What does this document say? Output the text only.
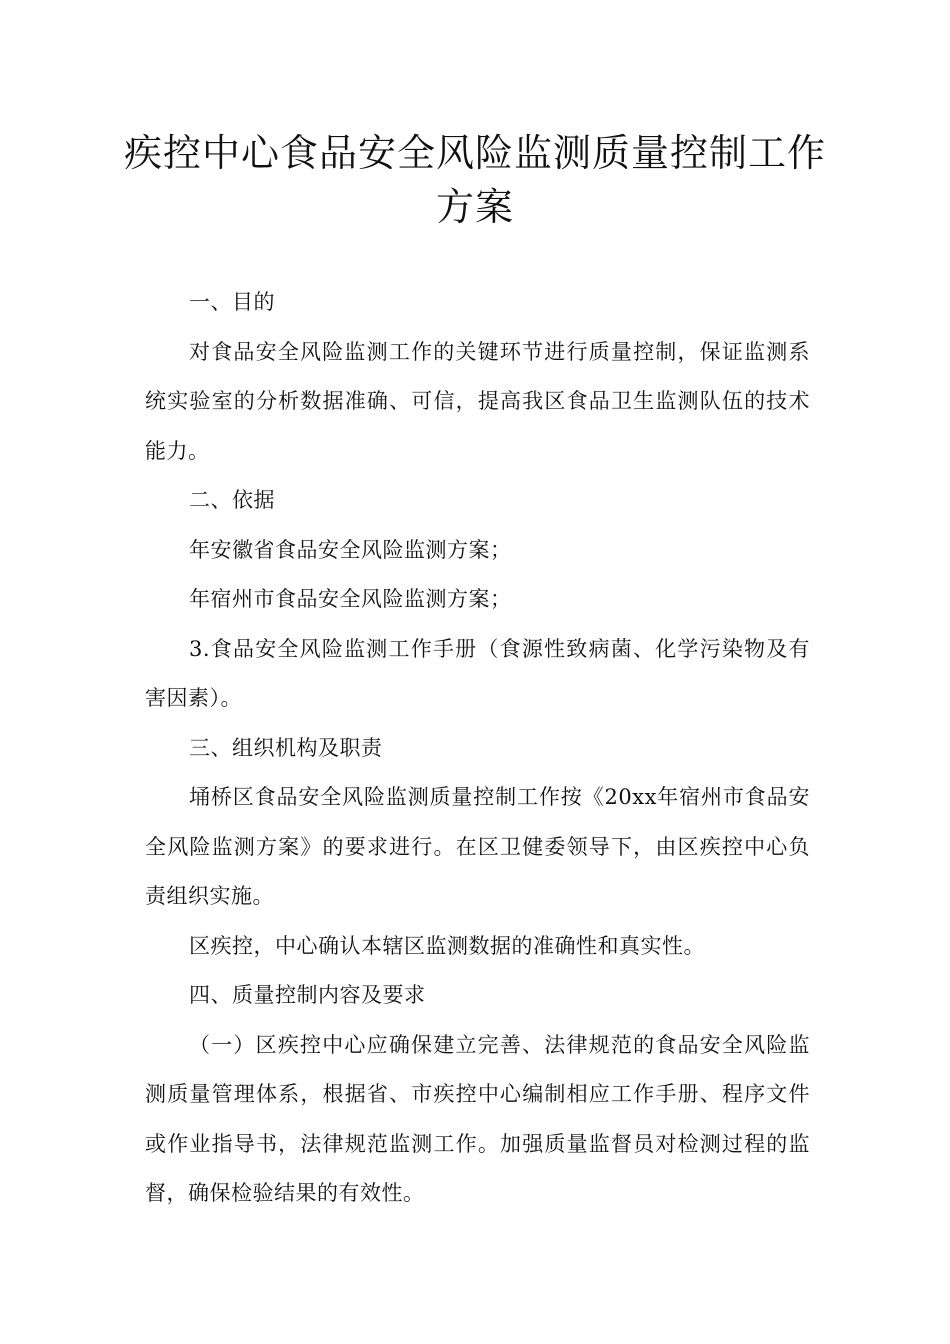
疾控中心食品安全风险监测质量控制工作方案

一、目的

对食品安全风险监测工作的关键环节进行质量控制，保证监测系统实验室的分析数据准确、可信，提高我区食品卫生监测队伍的技术能力。

二、依据

年安徽省食品安全风险监测方案；

年宿州市食品安全风险监测方案；

3.食品安全风险监测工作手册（食源性致病菌、化学污染物及有害因素）。

三、组织机构及职责

埇桥区食品安全风险监测质量控制工作按《20xx年宿州市食品安全风险监测方案》的要求进行。在区卫健委领导下，由区疾控中心负责组织实施。

区疾控，中心确认本辖区监测数据的准确性和真实性。

四、质量控制内容及要求

（一）区疾控中心应确保建立完善、法律规范的食品安全风险监测质量管理体系，根据省、市疾控中心编制相应工作手册、程序文件或作业指导书，法律规范监测工作。加强质量监督员对检测过程的监督，确保检验结果的有效性。
